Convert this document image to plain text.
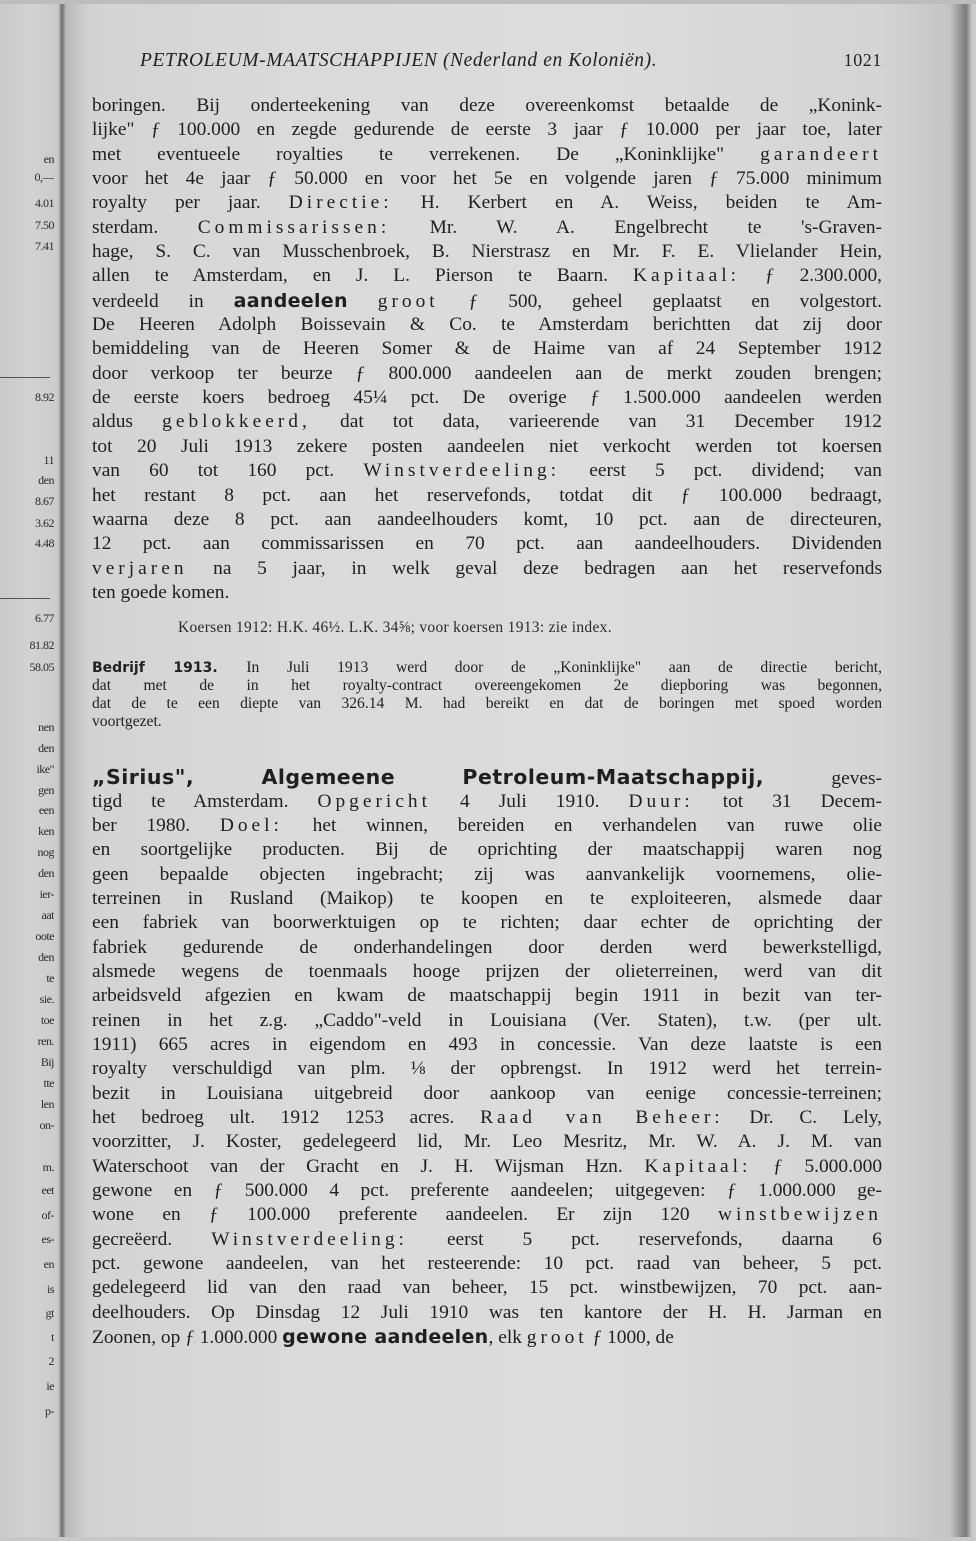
en
0,—
4.01
7.50
7.41
8.92
11
den
8.67
3.62
4.48
6.77
81.82
58.05
nen
den
ike"
gen
een
ken
nog
den
ier-
aat
oote
den
te
sie.
toe
ren.
Bij
tte
len
on-
m.
eet
of-
es-
en
is
gt
t
2
ie
p-
PETROLEUM-MAATSCHAPPIJEN (Nederland en Koloniën).	1021
boringen. Bij onderteekening van deze overeenkomst betaalde de „Konink-
lijke" ƒ 100.000 en zegde gedurende de eerste 3 jaar ƒ 10.000 per jaar toe, later
met eventueele royalties te verrekenen. De „Koninklijke" garandeert
voor het 4e jaar ƒ 50.000 en voor het 5e en volgende jaren ƒ 75.000 minimum
royalty per jaar. Directie: H. Kerbert en A. Weiss, beiden te Am-
sterdam. Commissarissen: Mr. W. A. Engelbrecht te 's-Graven-
hage, S. C. van Musschenbroek, B. Nierstrasz en Mr. F. E. Vlielander Hein,
allen te Amsterdam, en J. L. Pierson te Baarn. Kapitaal: ƒ 2.300.000,
verdeeld in aandeelen groot ƒ 500, geheel geplaatst en volgestort.
De Heeren Adolph Boissevain & Co. te Amsterdam berichtten dat zij door
bemiddeling van de Heeren Somer & de Haime van af 24 September 1912
door verkoop ter beurze ƒ 800.000 aandeelen aan de merkt zouden brengen;
de eerste koers bedroeg 45¼ pct. De overige ƒ 1.500.000 aandeelen werden
aldus geblokkeerd, dat tot data, varieerende van 31 December 1912
tot 20 Juli 1913 zekere posten aandeelen niet verkocht werden tot koersen
van 60 tot 160 pct. Winstverdeeling: eerst 5 pct. dividend; van
het restant 8 pct. aan het reservefonds, totdat dit ƒ 100.000 bedraagt,
waarna deze 8 pct. aan aandeelhouders komt, 10 pct. aan de directeuren,
12 pct. aan commissarissen en 70 pct. aan aandeelhouders. Dividenden
verjaren na 5 jaar, in welk geval deze bedragen aan het reservefonds
ten goede komen.
Koersen 1912: H.K. 46½. L.K. 34⅝; voor koersen 1913: zie index.
Bedrijf 1913. In Juli 1913 werd door de „Koninklijke" aan de directie bericht,
dat met de in het royalty-contract overeengekomen 2e diepboring was begonnen,
dat de te een diepte van 326.14 M. had bereikt en dat de boringen met spoed worden
voortgezet.
„Sirius", Algemeene Petroleum-Maatschappij, geves-
tigd te Amsterdam. Opgericht 4 Juli 1910. Duur: tot 31 Decem-
ber 1980. Doel: het winnen, bereiden en verhandelen van ruwe olie
en soortgelijke producten. Bij de oprichting der maatschappij waren nog
geen bepaalde objecten ingebracht; zij was aanvankelijk voornemens, olie-
terreinen in Rusland (Maikop) te koopen en te exploiteeren, alsmede daar
een fabriek van boorwerktuigen op te richten; daar echter de oprichting der
fabriek gedurende de onderhandelingen door derden werd bewerkstelligd,
alsmede wegens de toenmaals hooge prijzen der olieterreinen, werd van dit
arbeidsveld afgezien en kwam de maatschappij begin 1911 in bezit van ter-
reinen in het z.g. „Caddo"-veld in Louisiana (Ver. Staten), t.w. (per ult.
1911) 665 acres in eigendom en 493 in concessie. Van deze laatste is een
royalty verschuldigd van plm. ⅛ der opbrengst. In 1912 werd het terrein-
bezit in Louisiana uitgebreid door aankoop van eenige concessie-terreinen;
het bedroeg ult. 1912 1253 acres. Raad van Beheer: Dr. C. Lely,
voorzitter, J. Koster, gedelegeerd lid, Mr. Leo Mesritz, Mr. W. A. J. M. van
Waterschoot van der Gracht en J. H. Wijsman Hzn. Kapitaal: ƒ 5.000.000
gewone en ƒ 500.000 4 pct. preferente aandeelen; uitgegeven: ƒ 1.000.000 ge-
wone en ƒ 100.000 preferente aandeelen. Er zijn 120 winstbewijzen
gecreëerd. Winstverdeeling: eerst 5 pct. reservefonds, daarna 6
pct. gewone aandeelen, van het resteerende: 10 pct. raad van beheer, 5 pct.
gedelegeerd lid van den raad van beheer, 15 pct. winstbewijzen, 70 pct. aan-
deelhouders. Op Dinsdag 12 Juli 1910 was ten kantore der H. H. Jarman en
Zoonen, op ƒ 1.000.000 gewone aandeelen, elk groot ƒ 1000, de
